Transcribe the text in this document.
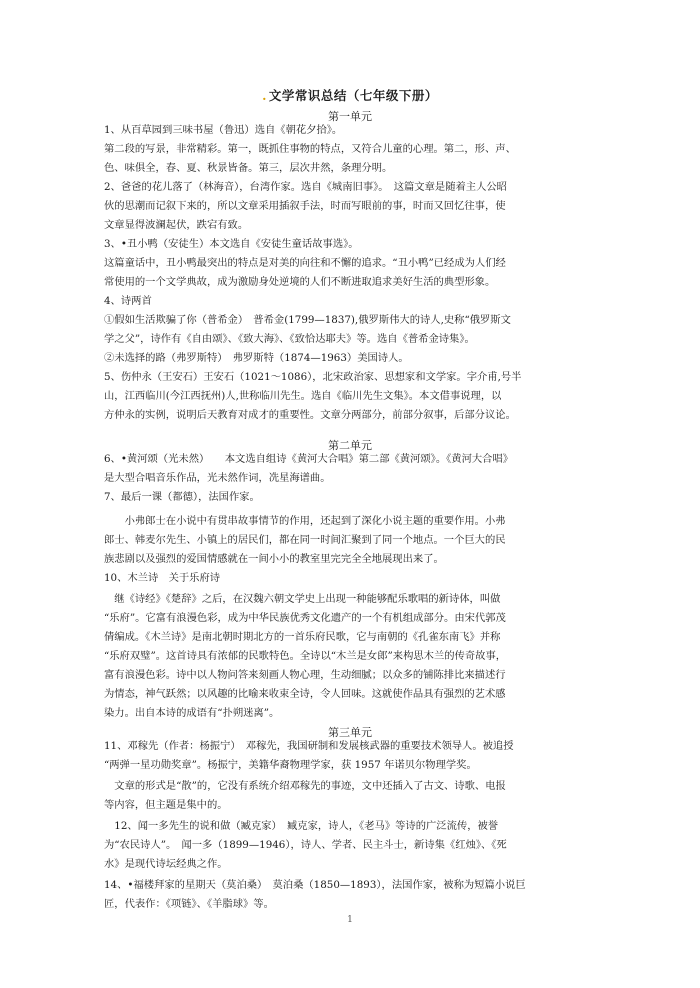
. 文学常识总结（七年级下册）
第一单元
1、从百草园到三味书屋（鲁迅）选自《朝花夕拾》。
第二段的写景，非常精彩。第一，既抓住事物的特点，又符合儿童的心理。第二，形、声、
色、味俱全，春、夏、秋景皆备。第三，层次井然，条理分明。
2、爸爸的花儿落了（林海音），台湾作家。选自《城南旧事》。　这篇文章是随着主人公昭
伙的思潮而记叙下来的，所以文章采用插叙手法，时而写眼前的事，时而又回忆往事，使
文章显得波澜起伏，跌宕有致。
3、•丑小鸭（安徒生）本文选自《安徒生童话故事选》。
这篇童话中，丑小鸭最突出的特点是对美的向往和不懈的追求。“丑小鸭”已经成为人们经
常使用的一个文学典故，成为激励身处逆境的人们不断进取追求美好生活的典型形象。
4、诗两首
①假如生活欺骗了你（普希金）　普希金(1799—1837),俄罗斯伟大的诗人,史称“俄罗斯文
学之父”，诗作有《自由颂》、《致大海》、《致恰达耶夫》等。选自《普希金诗集》。
②未选择的路（弗罗斯特）　弗罗斯特（1874—1963）美国诗人。
5、伤仲永（王安石）王安石（1021～1086），北宋政治家、思想家和文学家。字介甫,号半
山，江西临川(今江西抚州)人,世称临川先生。选自《临川先生文集》。本文借事说理，以
方仲永的实例，说明后天教育对成才的重要性。文章分两部分，前部分叙事，后部分议论。
第二单元
6、•黄河颂（光未然）　　本文选自组诗《黄河大合唱》第二部《黄河颂》。《黄河大合唱》
是大型合唱音乐作品，光未然作词，冼星海谱曲。
7、最后一课（都德），法国作家。
　　小弗郎士在小说中有贯串故事情节的作用，还起到了深化小说主题的重要作用。小弗
郎士、韩麦尔先生、小镇上的居民们，都在同一时间汇聚到了同一个地点。一个巨大的民
族悲剧以及强烈的爱国情感就在一间小小的教室里完完全全地展现出来了。
10、木兰诗　关于乐府诗
　继《诗经》《楚辞》之后，在汉魏六朝文学史上出现一种能够配乐歌唱的新诗体，叫做
“乐府”。它富有浪漫色彩，成为中华民族优秀文化遗产的一个有机组成部分。由宋代郭茂
倩编成。《木兰诗》是南北朝时期北方的一首乐府民歌，它与南朝的《孔雀东南飞》并称
“乐府双璧”。这首诗具有浓郁的民歌特色。全诗以“木兰是女郎”来构思木兰的传奇故事，
富有浪漫色彩。诗中以人物问答来刻画人物心理，生动细腻；以众多的铺陈排比来描述行
为情态，神气跃然；以风趣的比喻来收束全诗，令人回味。这就使作品具有强烈的艺术感
染力。出自本诗的成语有“扑朔迷离”。
第三单元
11、邓稼先（作者：杨振宁）　邓稼先，我国研制和发展核武器的重要技术领导人。被追授
“两弹一星功勋奖章”。杨振宁，美籍华裔物理学家，获 1957 年诺贝尔物理学奖。
　文章的形式是“散”的，它没有系统介绍邓稼先的事迹，文中还插入了古文、诗歌、电报
等内容，但主题是集中的。
　12、闻一多先生的说和做（臧克家）　臧克家，诗人，《老马》等诗的广泛流传，被誉
为“农民诗人”。　闻一多（1899—1946），诗人、学者、民主斗士，新诗集《红烛》、《死
水》是现代诗坛经典之作。
14、•福楼拜家的星期天（莫泊桑）　莫泊桑（1850—1893），法国作家，被称为短篇小说巨
匠，代表作：《项链》、《羊脂球》等。
1
